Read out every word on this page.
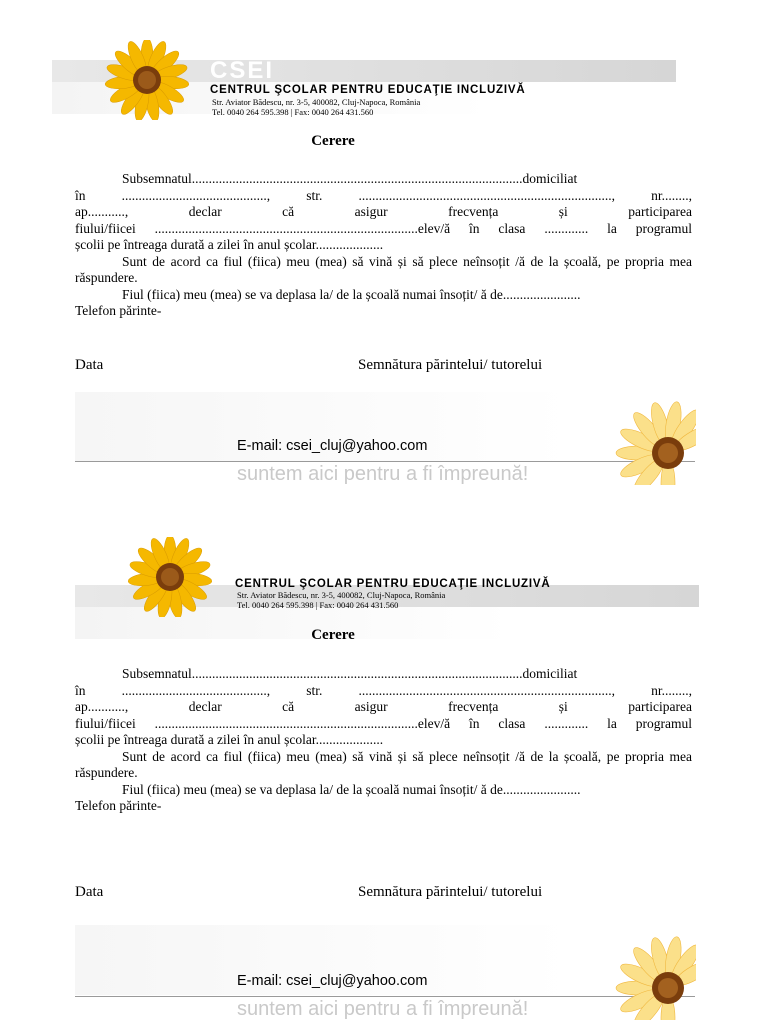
CSEI
CENTRUL ŞCOLAR PENTRU EDUCAŢIE INCLUZIVĂ
Str. Aviator Bădescu, nr. 3-5, 400082, Cluj-Napoca, România
Tel. 0040 264 595.398 | Fax: 0040 264 431.560
Cerere

Subsemnatul..................................................................................................domiciliat

în ..........................................., str. ..........................................................................., nr........,

ap..........., declar că asigur frecvența și participarea

fiului/fiicei ..............................................................................elev/ă în clasa ............. la programul

școlii pe întreaga durată a zilei în anul școlar....................

Sunt de acord ca fiul (fiica) meu (mea) să vină și să plece neînsoțit /ă de la școală, pe propria mea răspundere.

Fiul (fiica) meu (mea) se va deplasa la/ de la școală numai însoțit/ ă de.......................

Telefon părinte-

Data	Semnătura părintelui/ tutorelui
E-mail: csei_cluj@yahoo.com
suntem aici pentru a fi împreună!
CSEI
CENTRUL ŞCOLAR PENTRU EDUCAŢIE INCLUZIVĂ
Str. Aviator Bădescu, nr. 3-5, 400082, Cluj-Napoca, România
Tel. 0040 264 595.398 | Fax: 0040 264 431.560
Cerere

Subsemnatul..................................................................................................domiciliat

în ..........................................., str. ..........................................................................., nr........,

ap..........., declar că asigur frecvența și participarea

fiului/fiicei ..............................................................................elev/ă în clasa ............. la programul

școlii pe întreaga durată a zilei în anul școlar....................

Sunt de acord ca fiul (fiica) meu (mea) să vină și să plece neînsoțit /ă de la școală, pe propria mea răspundere.

Fiul (fiica) meu (mea) se va deplasa la/ de la școală numai însoțit/ ă de.......................

Telefon părinte-

Data	Semnătura părintelui/ tutorelui
E-mail: csei_cluj@yahoo.com
suntem aici pentru a fi împreună!
